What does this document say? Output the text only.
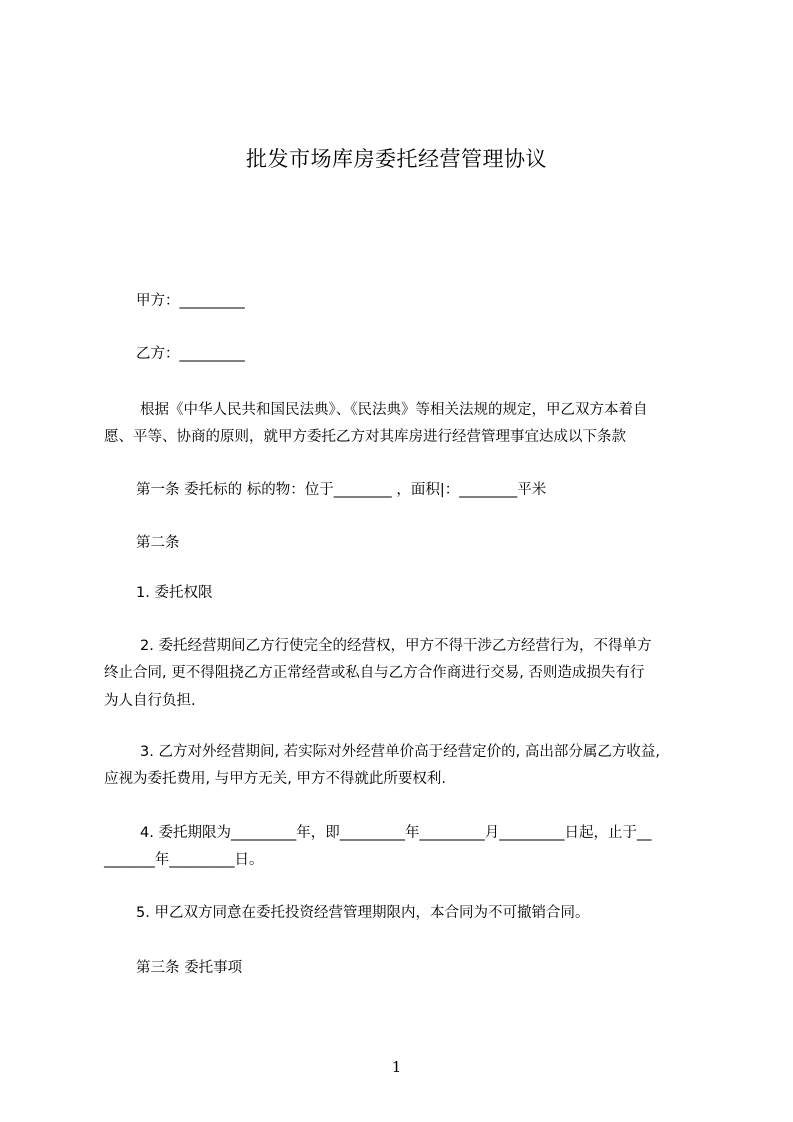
批发市场库房委托经营管理协议
甲方：_________
乙方：_________
根据《中华人民共和国民法典》、《民法典》等相关法规的规定，甲乙双方本着自
愿、平等、协商的原则，就甲方委托乙方对其库房进行经营管理事宜达成以下条款
第一条 委托标的 标的物：位于________ ，面积|：________平米
第二条
1. 委托权限
2. 委托经营期间乙方行使完全的经营权，甲方不得干涉乙方经营行为，不得单方
终止合同, 更不得阻挠乙方正常经营或私自与乙方合作商进行交易, 否则造成损失有行
为人自行负担.
3. 乙方对外经营期间, 若实际对外经营单价高于经营定价的, 高出部分属乙方收益,
应视为委托费用, 与甲方无关, 甲方不得就此所要权利.
4. 委托期限为_________年，即_________年_________月_________日起，止于__
_______年_________日。
5. 甲乙双方同意在委托投资经营管理期限内，本合同为不可撤销合同。
第三条 委托事项
1
